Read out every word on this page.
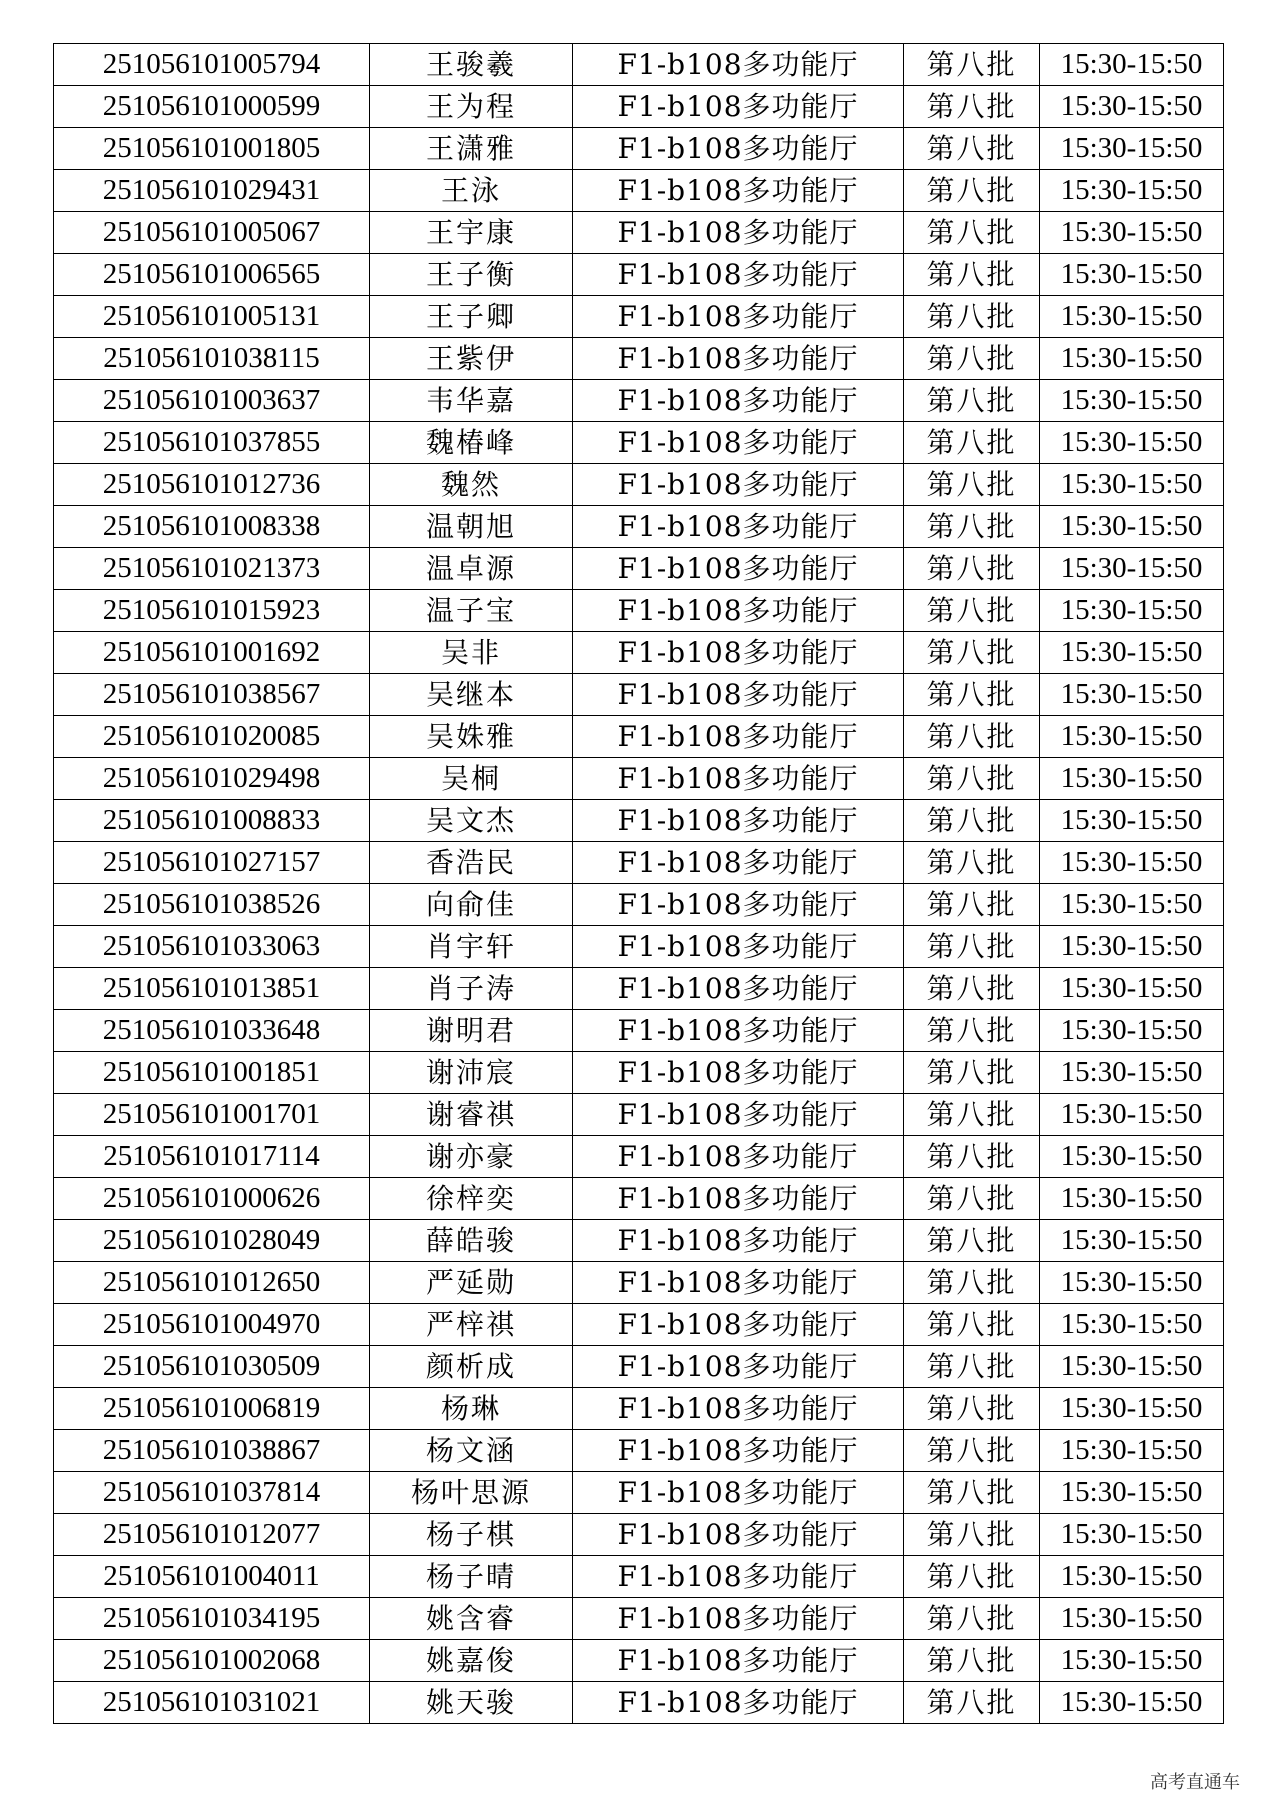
251056101005794	王骏羲	F1-b108多功能厅	第八批	15:30-15:50
251056101000599	王为程	F1-b108多功能厅	第八批	15:30-15:50
251056101001805	王潇雅	F1-b108多功能厅	第八批	15:30-15:50
251056101029431	王泳	F1-b108多功能厅	第八批	15:30-15:50
251056101005067	王宇康	F1-b108多功能厅	第八批	15:30-15:50
251056101006565	王子衡	F1-b108多功能厅	第八批	15:30-15:50
251056101005131	王子卿	F1-b108多功能厅	第八批	15:30-15:50
251056101038115	王紫伊	F1-b108多功能厅	第八批	15:30-15:50
251056101003637	韦华嘉	F1-b108多功能厅	第八批	15:30-15:50
251056101037855	魏椿峰	F1-b108多功能厅	第八批	15:30-15:50
251056101012736	魏然	F1-b108多功能厅	第八批	15:30-15:50
251056101008338	温朝旭	F1-b108多功能厅	第八批	15:30-15:50
251056101021373	温卓源	F1-b108多功能厅	第八批	15:30-15:50
251056101015923	温子宝	F1-b108多功能厅	第八批	15:30-15:50
251056101001692	吴非	F1-b108多功能厅	第八批	15:30-15:50
251056101038567	吴继本	F1-b108多功能厅	第八批	15:30-15:50
251056101020085	吴姝雅	F1-b108多功能厅	第八批	15:30-15:50
251056101029498	吴桐	F1-b108多功能厅	第八批	15:30-15:50
251056101008833	吴文杰	F1-b108多功能厅	第八批	15:30-15:50
251056101027157	香浩民	F1-b108多功能厅	第八批	15:30-15:50
251056101038526	向俞佳	F1-b108多功能厅	第八批	15:30-15:50
251056101033063	肖宇轩	F1-b108多功能厅	第八批	15:30-15:50
251056101013851	肖子涛	F1-b108多功能厅	第八批	15:30-15:50
251056101033648	谢明君	F1-b108多功能厅	第八批	15:30-15:50
251056101001851	谢沛宸	F1-b108多功能厅	第八批	15:30-15:50
251056101001701	谢睿祺	F1-b108多功能厅	第八批	15:30-15:50
251056101017114	谢亦豪	F1-b108多功能厅	第八批	15:30-15:50
251056101000626	徐梓奕	F1-b108多功能厅	第八批	15:30-15:50
251056101028049	薛皓骏	F1-b108多功能厅	第八批	15:30-15:50
251056101012650	严延勋	F1-b108多功能厅	第八批	15:30-15:50
251056101004970	严梓祺	F1-b108多功能厅	第八批	15:30-15:50
251056101030509	颜析成	F1-b108多功能厅	第八批	15:30-15:50
251056101006819	杨琳	F1-b108多功能厅	第八批	15:30-15:50
251056101038867	杨文涵	F1-b108多功能厅	第八批	15:30-15:50
251056101037814	杨叶思源	F1-b108多功能厅	第八批	15:30-15:50
251056101012077	杨子棋	F1-b108多功能厅	第八批	15:30-15:50
251056101004011	杨子晴	F1-b108多功能厅	第八批	15:30-15:50
251056101034195	姚含睿	F1-b108多功能厅	第八批	15:30-15:50
251056101002068	姚嘉俊	F1-b108多功能厅	第八批	15:30-15:50
251056101031021	姚天骏	F1-b108多功能厅	第八批	15:30-15:50
高考直通车
